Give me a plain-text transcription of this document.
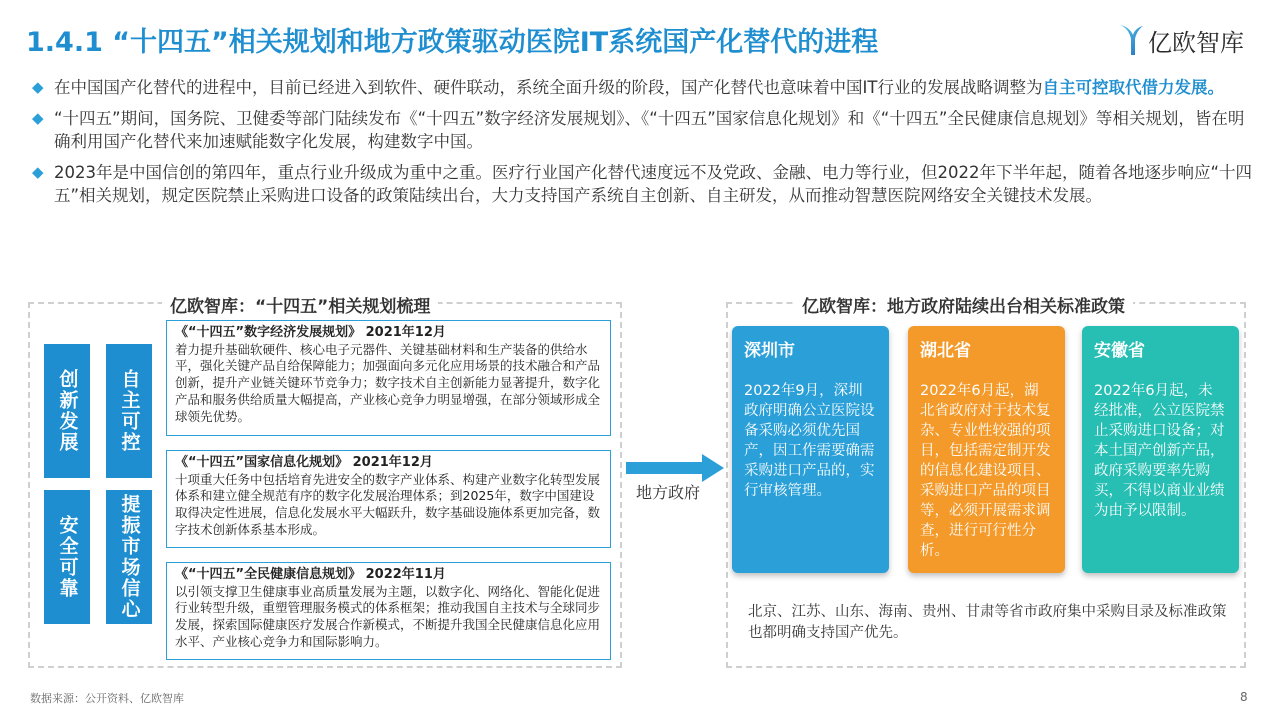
1.4.1 “十四五”相关规划和地方政策驱动医院IT系统国产化替代的进程	亿欧智库
◆ 在中国国产化替代的进程中，目前已经进入到软件、硬件联动，系统全面升级的阶段，国产化替代也意味着中国IT行业的发展战略调整为自主可控取代借力发展。
◆ “十四五”期间，国务院、卫健委等部门陆续发布《“十四五”数字经济发展规划》、《“十四五”国家信息化规划》和《“十四五”全民健康信息规划》等相关规划，皆在明确利用国产化替代来加速赋能数字化发展，构建数字中国。
◆ 2023年是中国信创的第四年，重点行业升级成为重中之重。医疗行业国产化替代速度远不及党政、金融、电力等行业，但2022年下半年起，随着各地逐步响应“十四五”相关规划，规定医院禁止采购进口设备的政策陆续出台，大力支持国产系统自主创新、自主研发，从而推动智慧医院网络安全关键技术发展。
亿欧智库：“十四五”相关规划梳理
创新发展	自主可控
安全可靠	提振市场信心
《“十四五”数字经济发展规划》 2021年12月
着力提升基础软硬件、核心电子元器件、关键基础材料和生产装备的供给水平，强化关键产品自给保障能力；加强面向多元化应用场景的技术融合和产品创新，提升产业链关键环节竞争力；数字技术自主创新能力显著提升，数字化产品和服务供给质量大幅提高，产业核心竞争力明显增强，在部分领域形成全球领先优势。
《“十四五”国家信息化规划》 2021年12月
十项重大任务中包括培育先进安全的数字产业体系、构建产业数字化转型发展体系和建立健全规范有序的数字化发展治理体系；到2025年，数字中国建设取得决定性进展，信息化发展水平大幅跃升，数字基础设施体系更加完备，数字技术创新体系基本形成。
《“十四五”全民健康信息规划》 2022年11月
以引领支撑卫生健康事业高质量发展为主题，以数字化、网络化、智能化促进行业转型升级，重塑管理服务模式的体系框架；推动我国自主技术与全球同步发展，探索国际健康医疗发展合作新模式，不断提升我国全民健康信息化应用水平、产业核心竞争力和国际影响力。
地方政府
亿欧智库：地方政府陆续出台相关标准政策
深圳市
2022年9月，深圳政府明确公立医院设备采购必须优先国产，因工作需要确需采购进口产品的，实行审核管理。
湖北省
2022年6月起，湖北省政府对于技术复杂、专业性较强的项目，包括需定制开发的信息化建设项目、采购进口产品的项目等，必须开展需求调查，进行可行性分析。
安徽省
2022年6月起，未经批准，公立医院禁止采购进口设备；对本土国产创新产品，政府采购要率先购买，不得以商业业绩为由予以限制。
北京、江苏、山东、海南、贵州、甘肃等省市政府集中采购目录及标准政策也都明确支持国产优先。
数据来源：公开资料、亿欧智库	8
